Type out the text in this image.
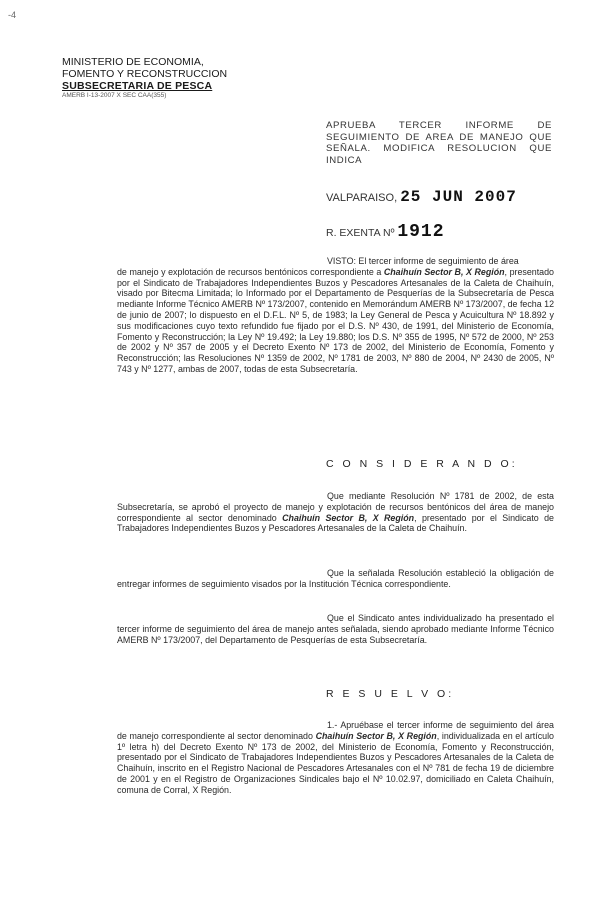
-4
MINISTERIO DE ECONOMIA,
FOMENTO Y RECONSTRUCCION
SUBSECRETARIA DE PESCA
AMERB I-13-2007 X SEC CAA(355)
APRUEBA TERCER INFORME DE SEGUIMIENTO DE AREA DE MANEJO QUE SEÑALA. MODIFICA RESOLUCION QUE INDICA
VALPARAISO, 25 JUN 2007
R. EXENTA Nº 1912
VISTO: El tercer informe de seguimiento de área
de manejo y explotación de recursos bentónicos correspondiente a Chaihuín Sector B, X Región, presentado por el Sindicato de Trabajadores Independientes Buzos y Pescadores Artesanales de la Caleta de Chaihuín, visado por Bitecma Limitada; lo Informado por el Departamento de Pesquerías de la Subsecretaría de Pesca mediante Informe Técnico AMERB Nº 173/2007, contenido en Memorándum AMERB Nº 173/2007, de fecha 12 de junio de 2007; lo dispuesto en el D.F.L. Nº 5, de 1983; la Ley General de Pesca y Acuicultura Nº 18.892 y sus modificaciones cuyo texto refundido fue fijado por el D.S. Nº 430, de 1991, del Ministerio de Economía, Fomento y Reconstrucción; la Ley Nº 19.492; la Ley 19.880; los D.S. Nº 355 de 1995, Nº 572 de 2000, Nº 253 de 2002 y Nº 357 de 2005 y el Decreto Exento Nº 173 de 2002, del Ministerio de Economía, Fomento y Reconstrucción; las Resoluciones Nº 1359 de 2002, Nº 1781 de 2003, Nº 880 de 2004, Nº 2430 de 2005, Nº 743 y Nº 1277, ambas de 2007, todas de esta Subsecretaría.
C O N S I D E R A N D O:
Que mediante Resolución Nº 1781 de 2002, de esta Subsecretaría, se aprobó el proyecto de manejo y explotación de recursos bentónicos del área de manejo correspondiente al sector denominado Chaihuín Sector B, X Región, presentado por el Sindicato de Trabajadores Independientes Buzos y Pescadores Artesanales de la Caleta de Chaihuín.
Que la señalada Resolución estableció la obligación de entregar informes de seguimiento visados por la Institución Técnica correspondiente.
Que el Sindicato antes individualizado ha presentado el tercer informe de seguimiento del área de manejo antes señalada, siendo aprobado mediante Informe Técnico AMERB Nº 173/2007, del Departamento de Pesquerías de esta Subsecretaría.
R E S U E L V O:
1.- Apruébase el tercer informe de seguimiento del área de manejo correspondiente al sector denominado Chaihuín Sector B, X Región, individualizada en el artículo 1º letra h) del Decreto Exento Nº 173 de 2002, del Ministerio de Economía, Fomento y Reconstrucción, presentado por el Sindicato de Trabajadores Independientes Buzos y Pescadores Artesanales de la Caleta de Chaihuín, inscrito en el Registro Nacional de Pescadores Artesanales con el Nº 781 de fecha 19 de diciembre de 2001 y en el Registro de Organizaciones Sindicales bajo el Nº 10.02.97, domiciliado en Caleta Chaihuín, comuna de Corral, X Región.
